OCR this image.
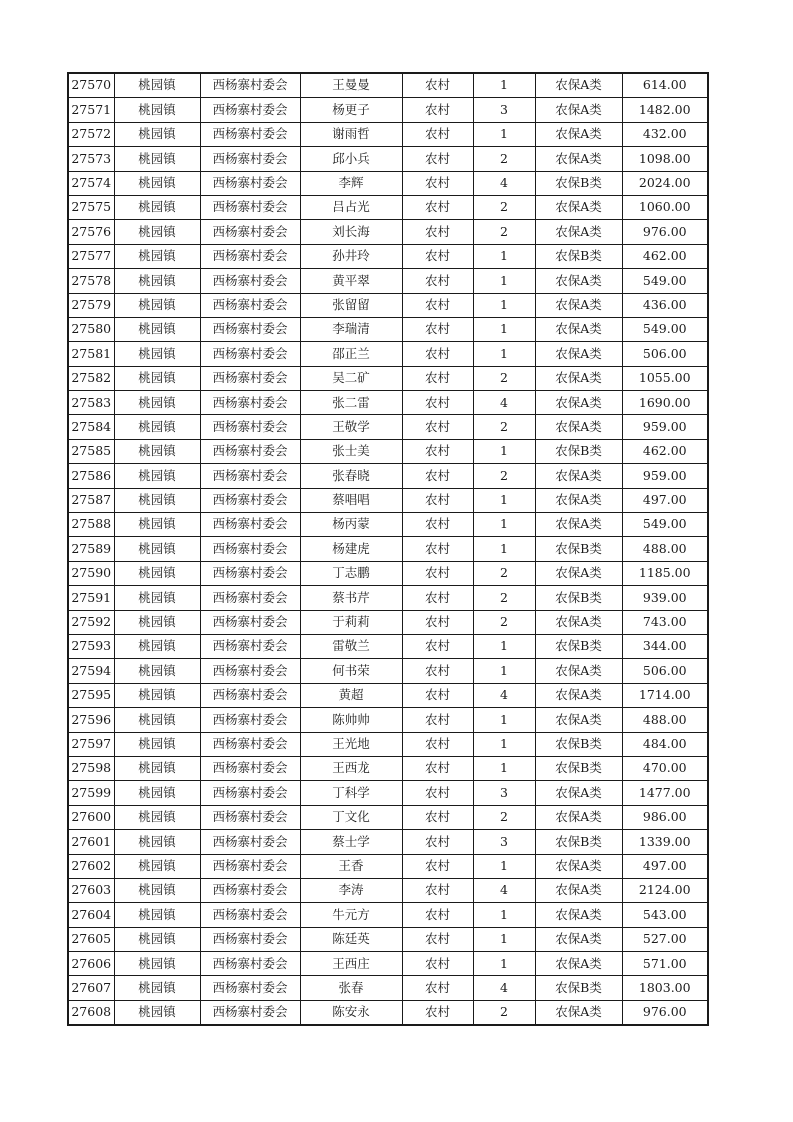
27570	桃园镇	西杨寨村委会	王曼曼	农村	1	农保A类	614.00
27571	桃园镇	西杨寨村委会	杨更子	农村	3	农保A类	1482.00
27572	桃园镇	西杨寨村委会	谢雨哲	农村	1	农保A类	432.00
27573	桃园镇	西杨寨村委会	邱小兵	农村	2	农保A类	1098.00
27574	桃园镇	西杨寨村委会	李辉	农村	4	农保B类	2024.00
27575	桃园镇	西杨寨村委会	吕占光	农村	2	农保A类	1060.00
27576	桃园镇	西杨寨村委会	刘长海	农村	2	农保A类	976.00
27577	桃园镇	西杨寨村委会	孙井玲	农村	1	农保B类	462.00
27578	桃园镇	西杨寨村委会	黄平翠	农村	1	农保A类	549.00
27579	桃园镇	西杨寨村委会	张留留	农村	1	农保A类	436.00
27580	桃园镇	西杨寨村委会	李瑞清	农村	1	农保A类	549.00
27581	桃园镇	西杨寨村委会	邵正兰	农村	1	农保A类	506.00
27582	桃园镇	西杨寨村委会	吴二矿	农村	2	农保A类	1055.00
27583	桃园镇	西杨寨村委会	张二雷	农村	4	农保A类	1690.00
27584	桃园镇	西杨寨村委会	王敬学	农村	2	农保A类	959.00
27585	桃园镇	西杨寨村委会	张士美	农村	1	农保B类	462.00
27586	桃园镇	西杨寨村委会	张春晓	农村	2	农保A类	959.00
27587	桃园镇	西杨寨村委会	蔡唱唱	农村	1	农保A类	497.00
27588	桃园镇	西杨寨村委会	杨丙蒙	农村	1	农保A类	549.00
27589	桃园镇	西杨寨村委会	杨建虎	农村	1	农保B类	488.00
27590	桃园镇	西杨寨村委会	丁志鹏	农村	2	农保A类	1185.00
27591	桃园镇	西杨寨村委会	蔡书芹	农村	2	农保B类	939.00
27592	桃园镇	西杨寨村委会	于莉莉	农村	2	农保A类	743.00
27593	桃园镇	西杨寨村委会	雷敬兰	农村	1	农保B类	344.00
27594	桃园镇	西杨寨村委会	何书荣	农村	1	农保A类	506.00
27595	桃园镇	西杨寨村委会	黄超	农村	4	农保A类	1714.00
27596	桃园镇	西杨寨村委会	陈帅帅	农村	1	农保A类	488.00
27597	桃园镇	西杨寨村委会	王光地	农村	1	农保B类	484.00
27598	桃园镇	西杨寨村委会	王西龙	农村	1	农保B类	470.00
27599	桃园镇	西杨寨村委会	丁科学	农村	3	农保A类	1477.00
27600	桃园镇	西杨寨村委会	丁文化	农村	2	农保A类	986.00
27601	桃园镇	西杨寨村委会	蔡士学	农村	3	农保B类	1339.00
27602	桃园镇	西杨寨村委会	王香	农村	1	农保A类	497.00
27603	桃园镇	西杨寨村委会	李涛	农村	4	农保A类	2124.00
27604	桃园镇	西杨寨村委会	牛元方	农村	1	农保A类	543.00
27605	桃园镇	西杨寨村委会	陈廷英	农村	1	农保A类	527.00
27606	桃园镇	西杨寨村委会	王西庄	农村	1	农保A类	571.00
27607	桃园镇	西杨寨村委会	张春	农村	4	农保B类	1803.00
27608	桃园镇	西杨寨村委会	陈安永	农村	2	农保A类	976.00
